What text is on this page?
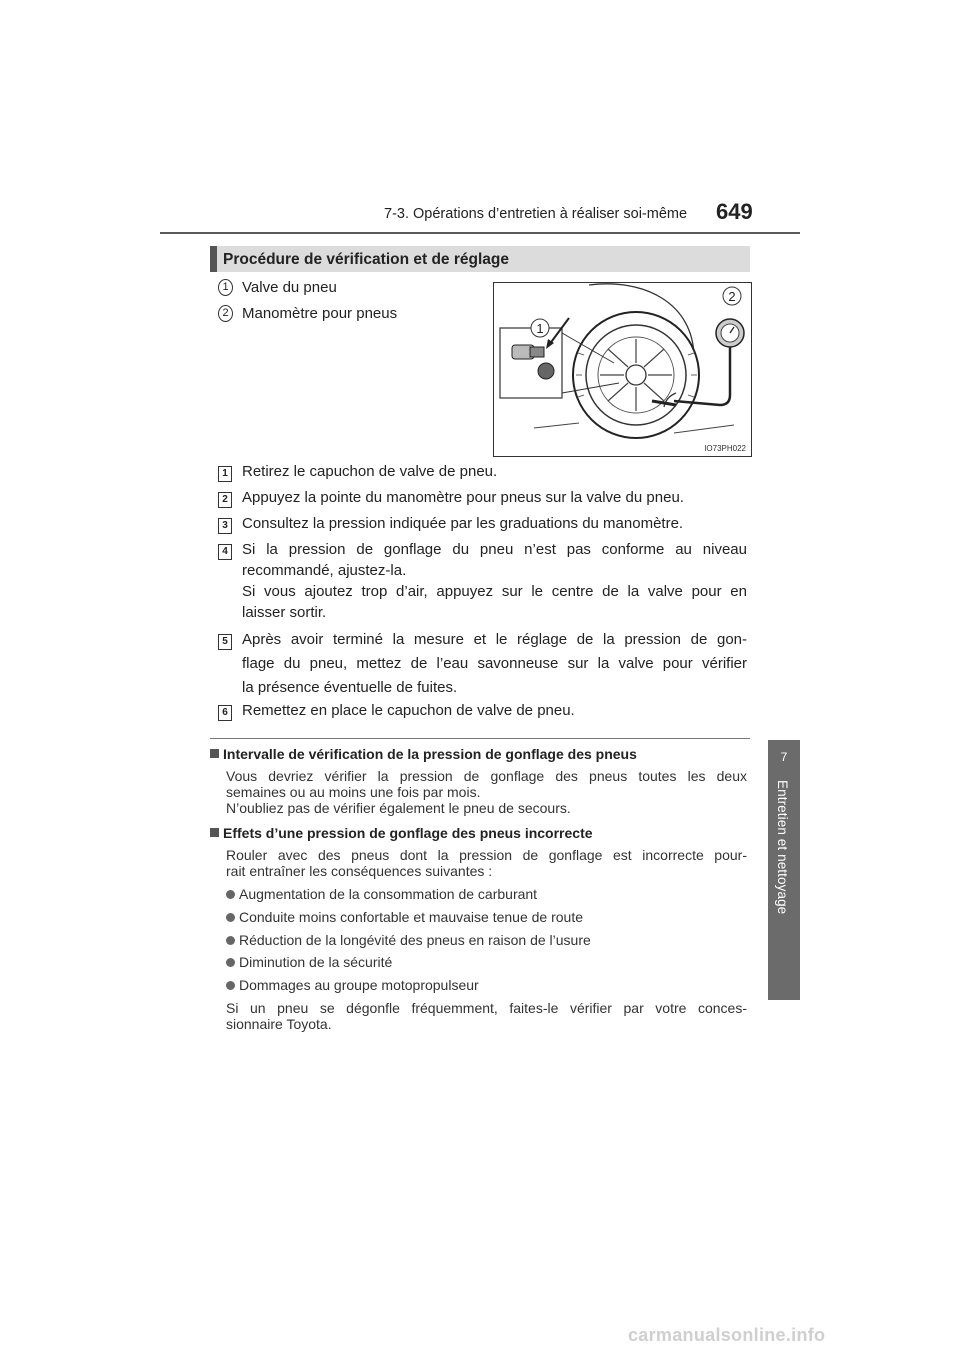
7-3. Opérations d’entretien à réaliser soi-même 649
7
Entretien et nettoyage
Procédure de vérification et de réglage
1 Valve du pneu
2 Manomètre pour pneus
1
2
IO73PH022
1 Retirez le capuchon de valve de pneu.
2 Appuyez la pointe du manomètre pour pneus sur la valve du pneu.
3 Consultez la pression indiquée par les graduations du manomètre.
4 Si la pression de gonflage du pneu n’est pas conforme au niveau
recommandé, ajustez-la.
Si vous ajoutez trop d’air, appuyez sur le centre de la valve pour en
laisser sortir.
5 Après avoir terminé la mesure et le réglage de la pression de gon-
flage du pneu, mettez de l’eau savonneuse sur la valve pour vérifier
la présence éventuelle de fuites.
6 Remettez en place le capuchon de valve de pneu.
Intervalle de vérification de la pression de gonflage des pneus
Vous devriez vérifier la pression de gonflage des pneus toutes les deux
semaines ou au moins une fois par mois.
N’oubliez pas de vérifier également le pneu de secours.
Effets d’une pression de gonflage des pneus incorrecte
Rouler avec des pneus dont la pression de gonflage est incorrecte pour-
rait entraîner les conséquences suivantes :
Augmentation de la consommation de carburant
Conduite moins confortable et mauvaise tenue de route
Réduction de la longévité des pneus en raison de l’usure
Diminution de la sécurité
Dommages au groupe motopropulseur
Si un pneu se dégonfle fréquemment, faites-le vérifier par votre conces-
sionnaire Toyota.
carmanualsonline.info
